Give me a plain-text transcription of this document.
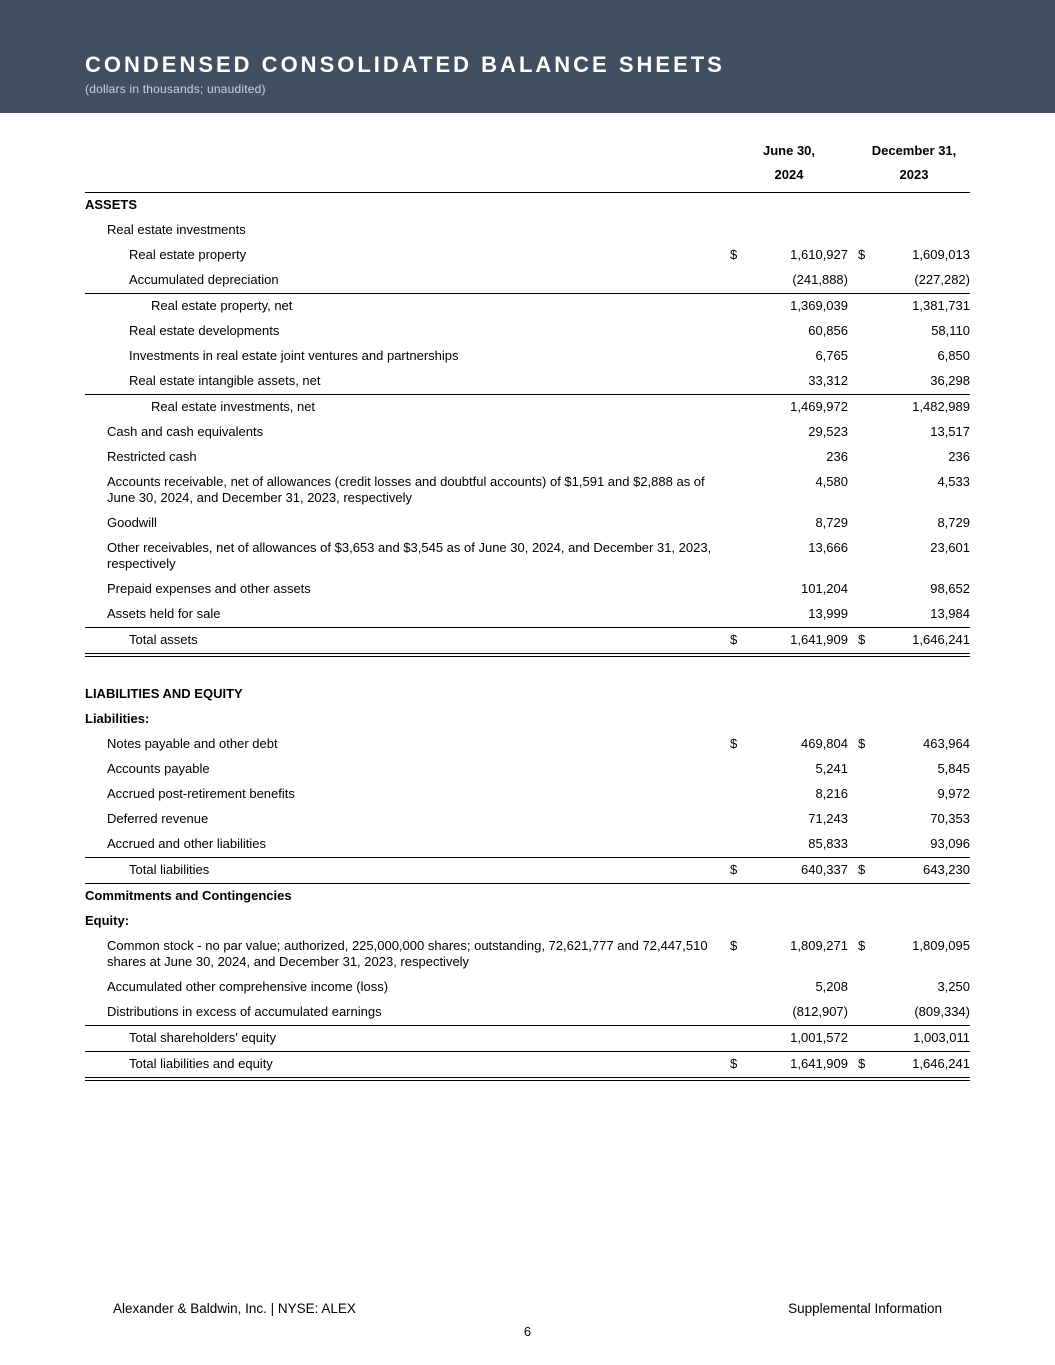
CONDENSED CONSOLIDATED BALANCE SHEETS
(dollars in thousands; unaudited)
June 30,
2024
December 31,
2023
ASSETS
Real estate investments
Real estate property	$	1,610,927 $	1,609,013
Accumulated depreciation	(241,888)	(227,282)
Real estate property, net	1,369,039	1,381,731
Real estate developments	60,856	58,110
Investments in real estate joint ventures and partnerships	6,765	6,850
Real estate intangible assets, net	33,312	36,298
Real estate investments, net	1,469,972	1,482,989
Cash and cash equivalents	29,523	13,517
Restricted cash	236	236
Accounts receivable, net of allowances (credit losses and doubtful accounts) of $1,591 and $2,888 as of June 30, 2024, and December 31, 2023, respectively
4,580	4,533
Goodwill	8,729	8,729
Other receivables, net of allowances of $3,653 and $3,545 as of June 30, 2024, and December 31, 2023, respectively
13,666	23,601
Prepaid expenses and other assets	101,204	98,652
Assets held for sale	13,999	13,984
Total assets	$	1,641,909 $	1,646,241
LIABILITIES AND EQUITY
Liabilities:
Notes payable and other debt	$	469,804 $	463,964
Accounts payable	5,241	5,845
Accrued post-retirement benefits	8,216	9,972
Deferred revenue	71,243	70,353
Accrued and other liabilities	85,833	93,096
Total liabilities	$	640,337 $	643,230
Commitments and Contingencies
Equity:
Common stock - no par value; authorized, 225,000,000 shares; outstanding, 72,621,777 and 72,447,510 shares at June 30, 2024, and December 31, 2023, respectively
$	1,809,271 $	1,809,095
Accumulated other comprehensive income (loss)	5,208	3,250
Distributions in excess of accumulated earnings	(812,907)	(809,334)
Total shareholders' equity	1,001,572	1,003,011
Total liabilities and equity	$	1,641,909 $	1,646,241
Alexander & Baldwin, Inc. | NYSE: ALEX	Supplemental Information
6
